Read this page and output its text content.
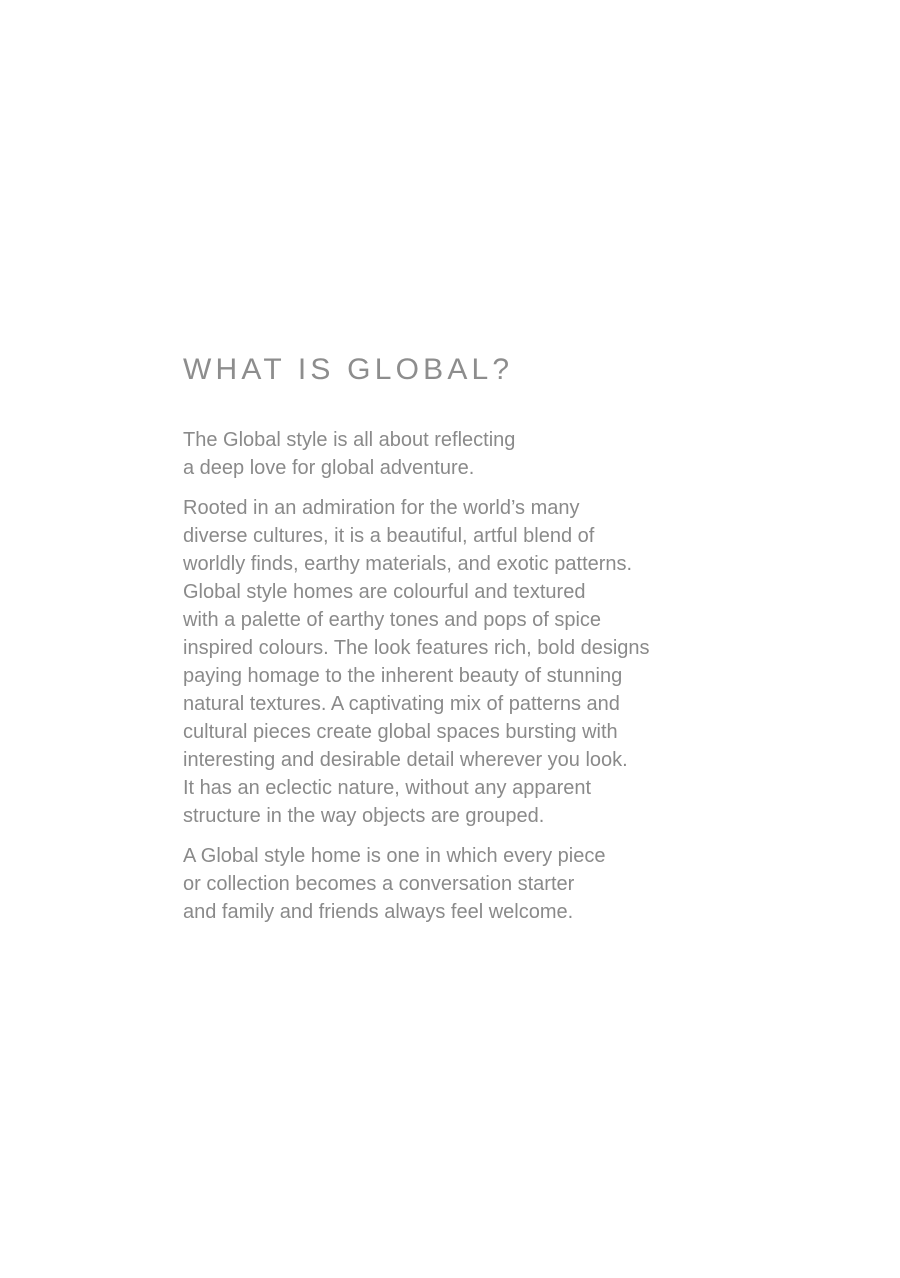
WHAT IS GLOBAL?

The Global style is all about reflecting
a deep love for global adventure.

Rooted in an admiration for the world’s many
diverse cultures, it is a beautiful, artful blend of
worldly finds, earthy materials, and exotic patterns.
Global style homes are colourful and textured
with a palette of earthy tones and pops of spice
inspired colours. The look features rich, bold designs
paying homage to the inherent beauty of stunning
natural textures. A captivating mix of patterns and
cultural pieces create global spaces bursting with
interesting and desirable detail wherever you look.
It has an eclectic nature, without any apparent
structure in the way objects are grouped.

A Global style home is one in which every piece
or collection becomes a conversation starter
and family and friends always feel welcome.
